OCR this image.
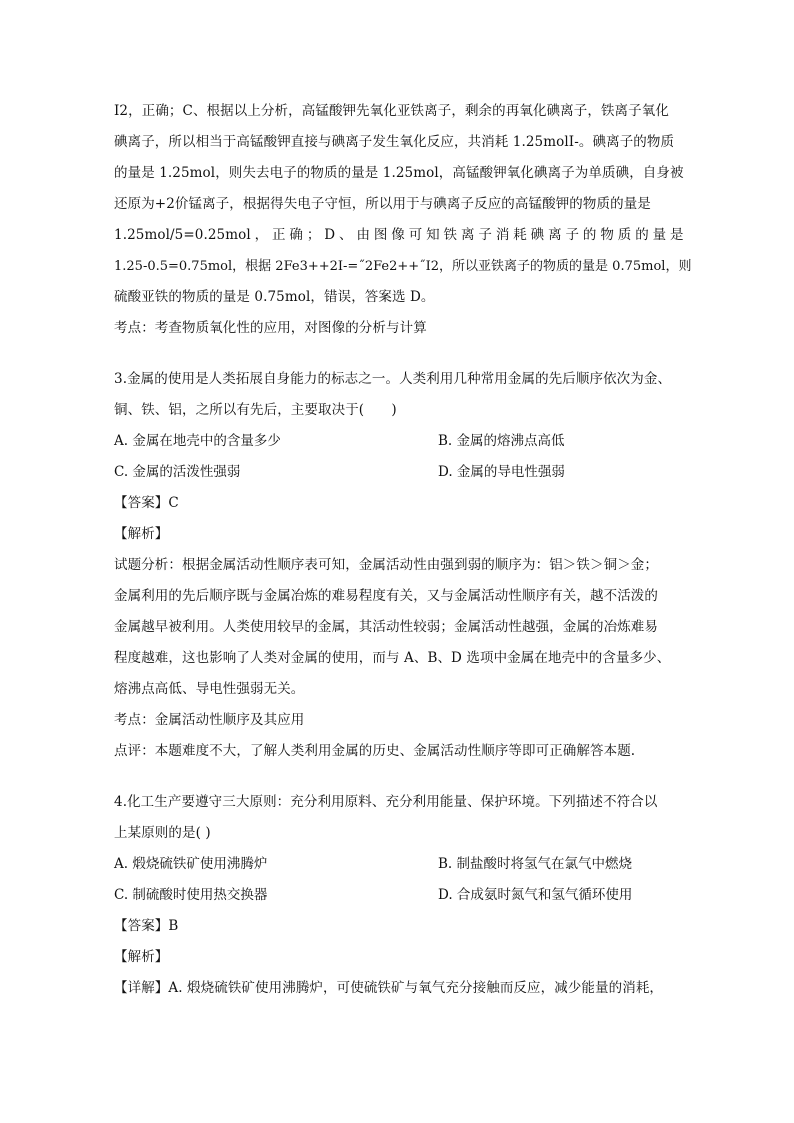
I2，正确；C、根据以上分析，高锰酸钾先氧化亚铁离子，剩余的再氧化碘离子，铁离子氧化
碘离子，所以相当于高锰酸钾直接与碘离子发生氧化反应，共消耗 1.25molI-。碘离子的物质
的量是 1.25mol，则失去电子的物质的量是 1.25mol，高锰酸钾氧化碘离子为单质碘，自身被
还原为+2价锰离子，根据得失电子守恒，所以用于与碘离子反应的高锰酸钾的物质的量是
1.25mol/5=0.25mol ， 正 确 ； D 、 由 图 像 可 知 铁 离 子 消 耗 碘 离 子 的 物 质 的 量 是
1.25-0.5=0.75mol，根据 2Fe3++2I-=˝2Fe2++˝I2，所以亚铁离子的物质的量是 0.75mol，则
硫酸亚铁的物质的量是 0.75mol，错误，答案选 D。
考点：考查物质氧化性的应用，对图像的分析与计算
3.金属的使用是人类拓展自身能力的标志之一。人类利用几种常用金属的先后顺序依次为金、
铜、铁、铝，之所以有先后，主要取决于(　　)
A. 金属在地壳中的含量多少	B. 金属的熔沸点高低
C. 金属的活泼性强弱	D. 金属的导电性强弱
【答案】C
【解析】
试题分析：根据金属活动性顺序表可知，金属活动性由强到弱的顺序为：铝＞铁＞铜＞金；
金属利用的先后顺序既与金属冶炼的难易程度有关，又与金属活动性顺序有关，越不活泼的
金属越早被利用。人类使用较早的金属，其活动性较弱；金属活动性越强，金属的冶炼难易
程度越难，这也影响了人类对金属的使用，而与 A、B、D 选项中金属在地壳中的含量多少、
熔沸点高低、导电性强弱无关。
考点：金属活动性顺序及其应用
点评：本题难度不大，了解人类利用金属的历史、金属活动性顺序等即可正确解答本题.
4.化工生产要遵守三大原则：充分利用原料、充分利用能量、保护环境。下列描述不符合以
上某原则的是( )
A. 煅烧硫铁矿使用沸腾炉	B. 制盐酸时将氢气在氯气中燃烧
C. 制硫酸时使用热交换器	D. 合成氨时氮气和氢气循环使用
【答案】B
【解析】
【详解】A. 煅烧硫铁矿使用沸腾炉，可使硫铁矿与氧气充分接触而反应，减少能量的消耗，
